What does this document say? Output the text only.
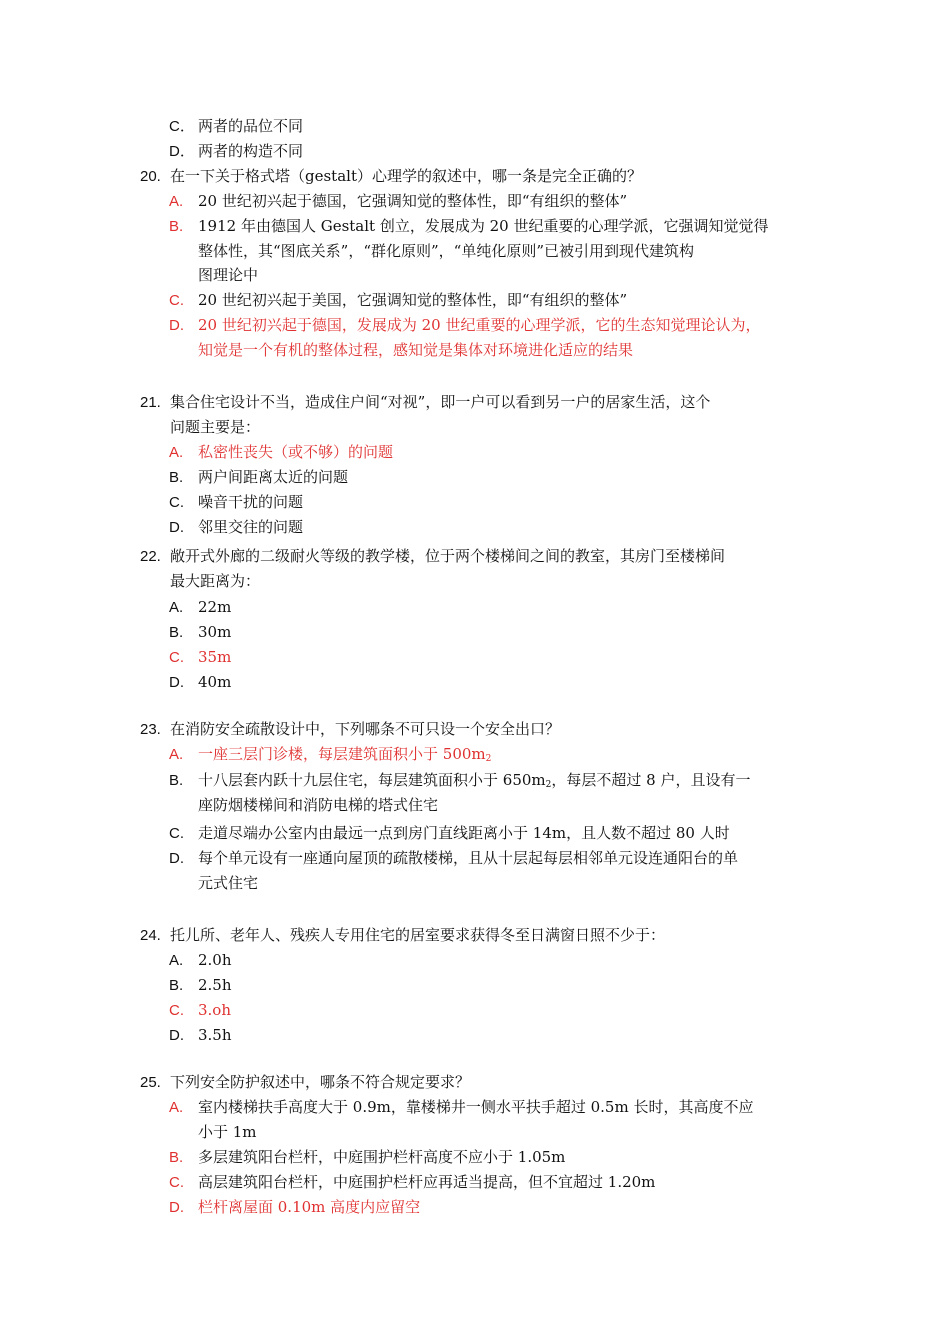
C． 两者的品位不同
D． 两者的构造不同
20. 在一下关于格式塔（gestalt）心理学的叙述中，哪一条是完全正确的？
A. 20 世纪初兴起于德国，它强调知觉的整体性，即“有组织的整体”
B. 1912 年由德国人 Gestalt 创立，发展成为 20 世纪重要的心理学派，它强调知觉觉得
整体性，其“图底关系”，“群化原则”，“单纯化原则”已被引用到现代建筑构
图理论中
C. 20 世纪初兴起于美国，它强调知觉的整体性，即“有组织的整体”
D. 20 世纪初兴起于德国，发展成为 20 世纪重要的心理学派，它的生态知觉理论认为，
知觉是一个有机的整体过程，感知觉是集体对环境进化适应的结果
21. 集合住宅设计不当，造成住户间“对视”，即一户可以看到另一户的居家生活，这个
问题主要是：
A. 私密性丧失（或不够）的问题
B. 两户间距离太近的问题
C. 噪音干扰的问题
D. 邻里交往的问题
22. 敞开式外廊的二级耐火等级的教学楼，位于两个楼梯间之间的教室，其房门至楼梯间
最大距离为：
A. 22m
B. 30m
C. 35m
D. 40m
23. 在消防安全疏散设计中，下列哪条不可只设一个安全出口？
A. 一座三层门诊楼，每层建筑面积小于 $500m_2$
B. 十八层套内跃十九层住宅，每层建筑面积小于 $650m_2$，每层不超过 8 户，且设有一
座防烟楼梯间和消防电梯的塔式住宅
C. 走道尽端办公室内由最远一点到房门直线距离小于 14m，且人数不超过 80 人时
D. 每个单元设有一座通向屋顶的疏散楼梯，且从十层起每层相邻单元设连通阳台的单
元式住宅
24. 托儿所、老年人、残疾人专用住宅的居室要求获得冬至日满窗日照不少于：
A. 2.0h
B. 2.5h
C. 3.oh
D. 3.5h
25. 下列安全防护叙述中，哪条不符合规定要求？
A. 室内楼梯扶手高度大于 0.9m，靠楼梯井一侧水平扶手超过 0.5m 长时，其高度不应
小于 1m
B. 多层建筑阳台栏杆，中庭围护栏杆高度不应小于 1.05m
C. 高层建筑阳台栏杆，中庭围护栏杆应再适当提高，但不宜超过 1.20m
D. 栏杆离屋面 0.10m 高度内应留空
